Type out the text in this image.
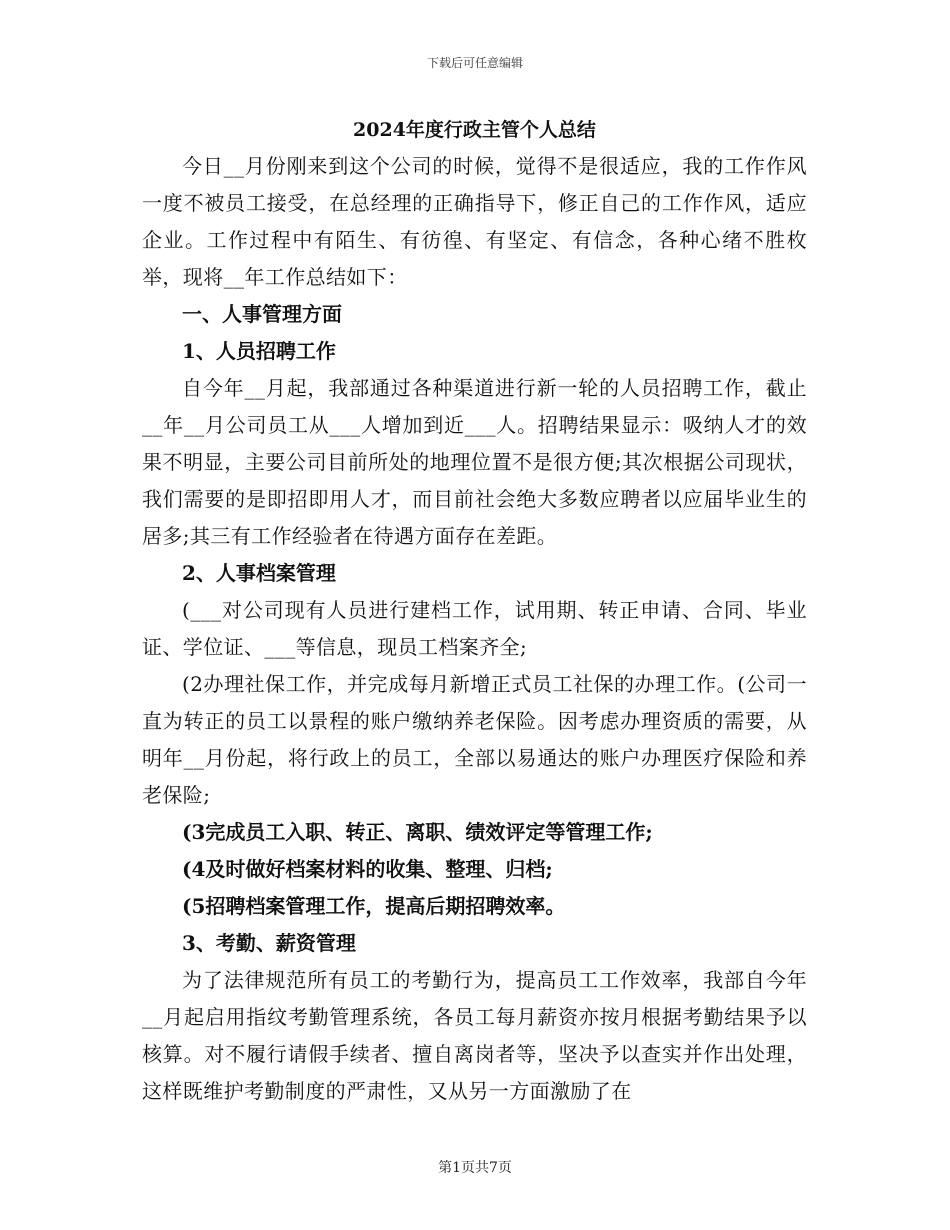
下载后可任意编辑

2024年度行政主管个人总结

今日__月份刚来到这个公司的时候，觉得不是很适应，我的工作作风一度不被员工接受，在总经理的正确指导下，修正自己的工作作风，适应企业。工作过程中有陌生、有彷徨、有坚定、有信念，各种心绪不胜枚举，现将__年工作总结如下：

一、人事管理方面

1、人员招聘工作

自今年__月起，我部通过各种渠道进行新一轮的人员招聘工作，截止__年__月公司员工从___人增加到近___人。招聘结果显示：吸纳人才的效果不明显，主要公司目前所处的地理位置不是很方便;其次根据公司现状，我们需要的是即招即用人才，而目前社会绝大多数应聘者以应届毕业生的居多;其三有工作经验者在待遇方面存在差距。

2、人事档案管理

(___对公司现有人员进行建档工作，试用期、转正申请、合同、毕业证、学位证、___等信息，现员工档案齐全;

(2办理社保工作，并完成每月新增正式员工社保的办理工作。(公司一直为转正的员工以景程的账户缴纳养老保险。因考虑办理资质的需要，从明年__月份起，将行政上的员工，全部以易通达的账户办理医疗保险和养老保险;

(3完成员工入职、转正、离职、绩效评定等管理工作;

(4及时做好档案材料的收集、整理、归档;

(5招聘档案管理工作，提高后期招聘效率。

3、考勤、薪资管理

为了法律规范所有员工的考勤行为，提高员工工作效率，我部自今年__月起启用指纹考勤管理系统，各员工每月薪资亦按月根据考勤结果予以核算。对不履行请假手续者、擅自离岗者等，坚决予以查实并作出处理，这样既维护考勤制度的严肃性，又从另一方面激励了在

第1页共7页
